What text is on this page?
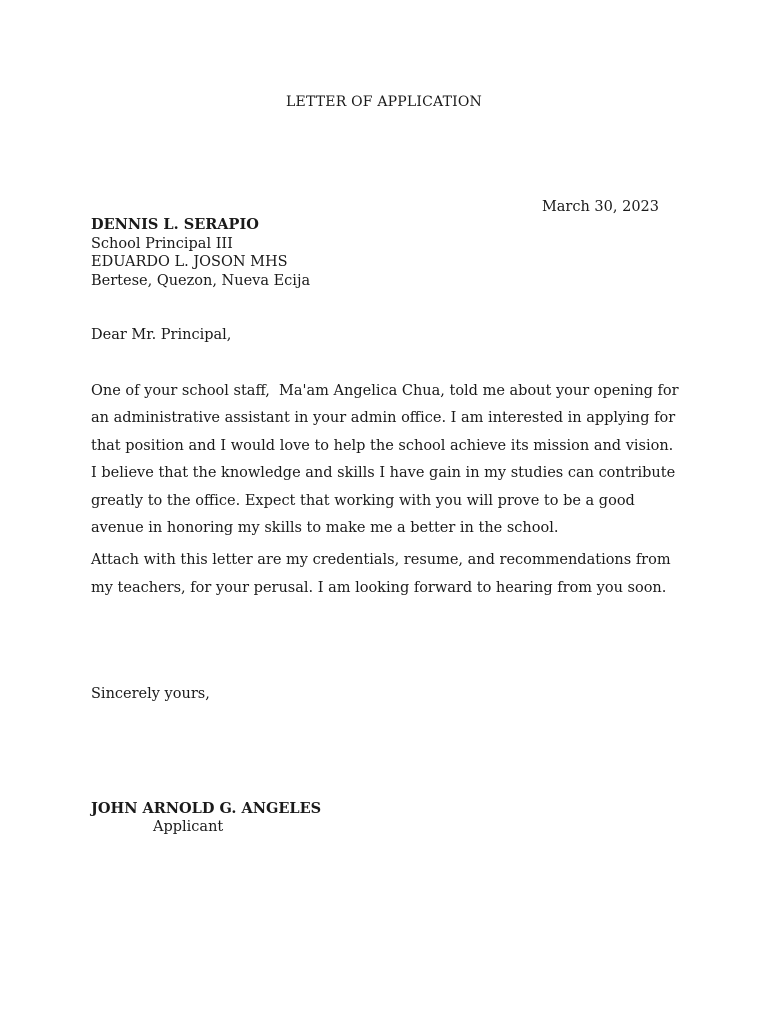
LETTER OF APPLICATION
March 30, 2023
DENNIS L. SERAPIO
School Principal III
EDUARDO L. JOSON MHS
Bertese, Quezon, Nueva Ecija
Dear Mr. Principal,

One of your school staff,  Ma'am Angelica Chua, told me about your opening for an administrative assistant in your admin office. I am interested in applying for that position and I would love to help the school achieve its mission and vision.

I believe that the knowledge and skills I have gain in my studies can contribute greatly to the office. Expect that working with you will prove to be a good avenue in honoring my skills to make me a better in the school.

Attach with this letter are my credentials, resume, and recommendations from my teachers, for your perusal. I am looking forward to hearing from you soon.

Sincerely yours,
JOHN ARNOLD G. ANGELES
Applicant
